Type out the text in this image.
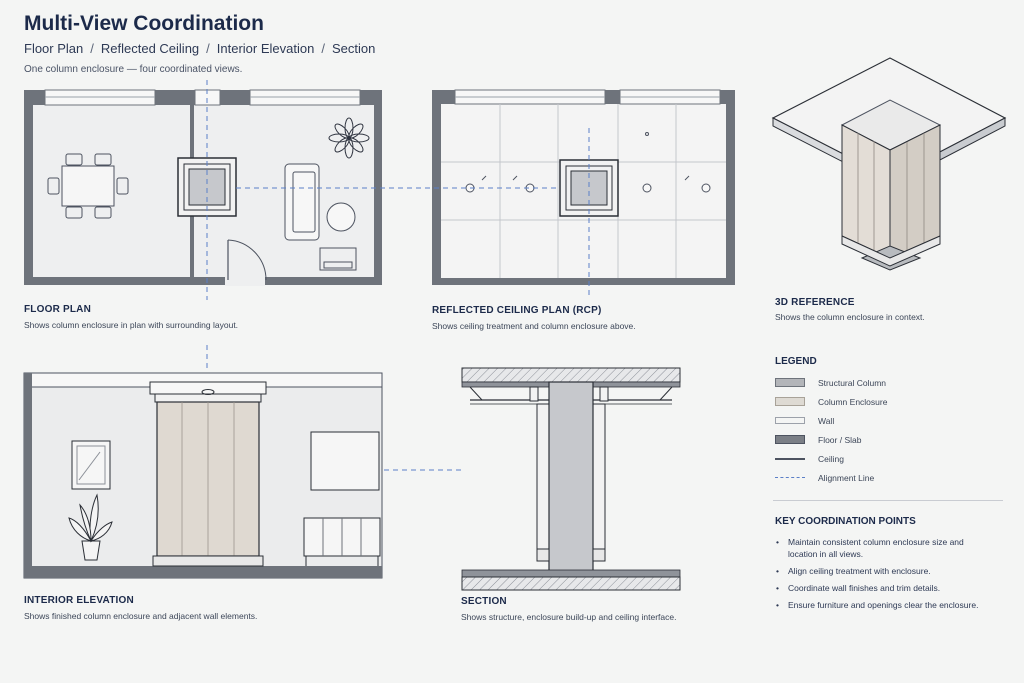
Multi-View Coordination
Floor Plan / Reflected Ceiling / Interior Elevation / Section
One column enclosure — four coordinated views.
FLOOR PLAN
Shows column enclosure in plan with surrounding layout.
REFLECTED CEILING PLAN (RCP)
Shows ceiling treatment and column enclosure above.
3D REFERENCE
Shows the column enclosure in context.
INTERIOR ELEVATION
Shows finished column enclosure and adjacent wall elements.
SECTION
Shows structure, enclosure build-up and ceiling interface.
LEGEND
Structural Column
Column Enclosure
Wall
Floor / Slab
Ceiling
Alignment Line
KEY COORDINATION POINTS
• Maintain consistent column enclosure size and location in all views.
• Align ceiling treatment with enclosure.
• Coordinate wall finishes and trim details.
• Ensure furniture and openings clear the enclosure.
